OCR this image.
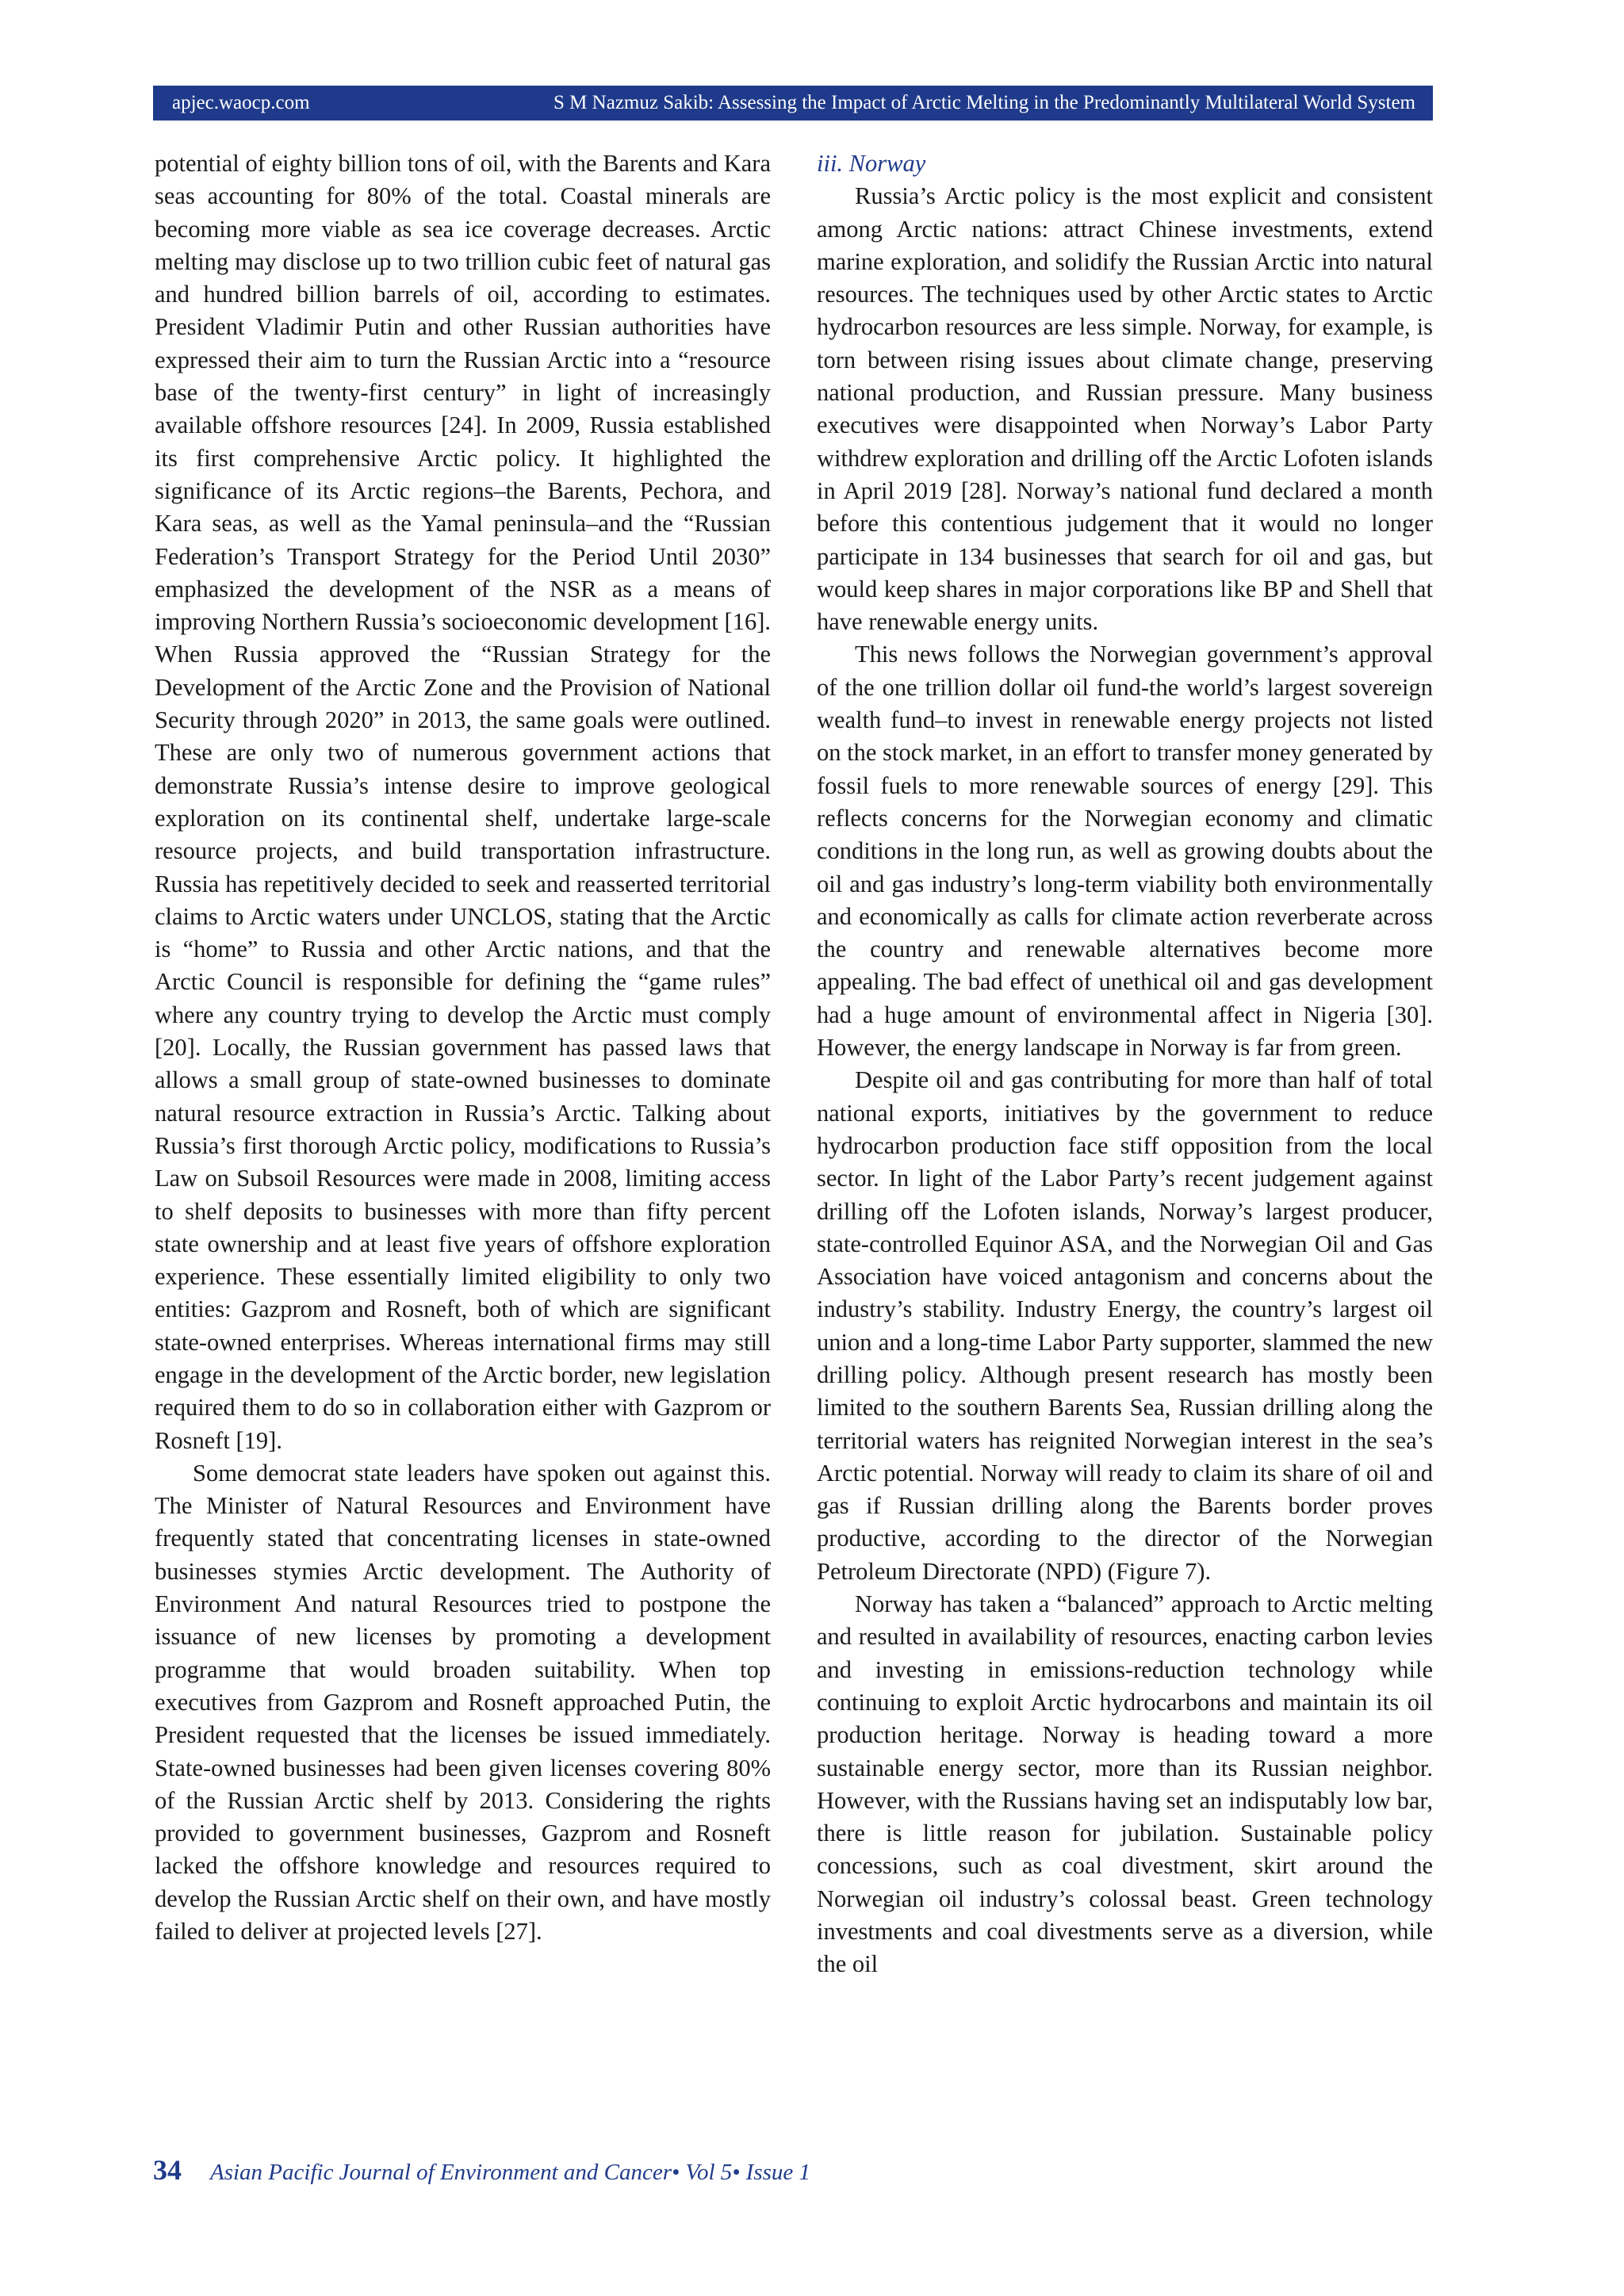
apjec.waocp.com	S M Nazmuz Sakib: Assessing the Impact of Arctic Melting in the Predominantly Multilateral World System

potential of eighty billion tons of oil, with the Barents and Kara seas accounting for 80% of the total. Coastal minerals are becoming more viable as sea ice coverage decreases. Arctic melting may disclose up to two trillion cubic feet of natural gas and hundred billion barrels of oil, according to estimates. President Vladimir Putin and other Russian authorities have expressed their aim to turn the Russian Arctic into a “resource base of the twenty-first century” in light of increasingly available offshore resources [24]. In 2009, Russia established its first comprehensive Arctic policy. It highlighted the significance of its Arctic regions–the Barents, Pechora, and Kara seas, as well as the Yamal peninsula–and the “Russian Federation’s Transport Strategy for the Period Until 2030” emphasized the development of the NSR as a means of improving Northern Russia’s socioeconomic development [16]. When Russia approved the “Russian Strategy for the Development of the Arctic Zone and the Provision of National Security through 2020” in 2013, the same goals were outlined. These are only two of numerous government actions that demonstrate Russia’s intense desire to improve geological exploration on its continental shelf, undertake large-scale resource projects, and build transportation infrastructure. Russia has repetitively decided to seek and reasserted territorial claims to Arctic waters under UNCLOS, stating that the Arctic is “home” to Russia and other Arctic nations, and that the Arctic Council is responsible for defining the “game rules” where any country trying to develop the Arctic must comply [20]. Locally, the Russian government has passed laws that allows a small group of state-owned businesses to dominate natural resource extraction in Russia’s Arctic. Talking about Russia’s first thorough Arctic policy, modifications to Russia’s Law on Subsoil Resources were made in 2008, limiting access to shelf deposits to businesses with more than fifty percent state ownership and at least five years of offshore exploration experience. These essentially limited eligibility to only two entities: Gazprom and Rosneft, both of which are significant state-owned enterprises. Whereas international firms may still engage in the development of the Arctic border, new legislation required them to do so in collaboration either with Gazprom or Rosneft [19].

Some democrat state leaders have spoken out against this. The Minister of Natural Resources and Environment have frequently stated that concentrating licenses in state-owned businesses stymies Arctic development. The Authority of Environment And natural Resources tried to postpone the issuance of new licenses by promoting a development programme that would broaden suitability. When top executives from Gazprom and Rosneft approached Putin, the President requested that the licenses be issued immediately. State-owned businesses had been given licenses covering 80% of the Russian Arctic shelf by 2013. Considering the rights provided to government businesses, Gazprom and Rosneft lacked the offshore knowledge and resources required to develop the Russian Arctic shelf on their own, and have mostly failed to deliver at projected levels [27].

iii. Norway

Russia’s Arctic policy is the most explicit and consistent among Arctic nations: attract Chinese investments, extend marine exploration, and solidify the Russian Arctic into natural resources. The techniques used by other Arctic states to Arctic hydrocarbon resources are less simple. Norway, for example, is torn between rising issues about climate change, preserving national production, and Russian pressure. Many business executives were disappointed when Norway’s Labor Party withdrew exploration and drilling off the Arctic Lofoten islands in April 2019 [28]. Norway’s national fund declared a month before this contentious judgement that it would no longer participate in 134 businesses that search for oil and gas, but would keep shares in major corporations like BP and Shell that have renewable energy units.

This news follows the Norwegian government’s approval of the one trillion dollar oil fund-the world’s largest sovereign wealth fund–to invest in renewable energy projects not listed on the stock market, in an effort to transfer money generated by fossil fuels to more renewable sources of energy [29]. This reflects concerns for the Norwegian economy and climatic conditions in the long run, as well as growing doubts about the oil and gas industry’s long-term viability both environmentally and economically as calls for climate action reverberate across the country and renewable alternatives become more appealing. The bad effect of unethical oil and gas development had a huge amount of environmental affect in Nigeria [30]. However, the energy landscape in Norway is far from green.

Despite oil and gas contributing for more than half of total national exports, initiatives by the government to reduce hydrocarbon production face stiff opposition from the local sector. In light of the Labor Party’s recent judgement against drilling off the Lofoten islands, Norway’s largest producer, state-controlled Equinor ASA, and the Norwegian Oil and Gas Association have voiced antagonism and concerns about the industry’s stability. Industry Energy, the country’s largest oil union and a long-time Labor Party supporter, slammed the new drilling policy. Although present research has mostly been limited to the southern Barents Sea, Russian drilling along the territorial waters has reignited Norwegian interest in the sea’s Arctic potential. Norway will ready to claim its share of oil and gas if Russian drilling along the Barents border proves productive, according to the director of the Norwegian Petroleum Directorate (NPD) (Figure 7).

Norway has taken a “balanced” approach to Arctic melting and resulted in availability of resources, enacting carbon levies and investing in emissions-reduction technology while continuing to exploit Arctic hydrocarbons and maintain its oil production heritage. Norway is heading toward a more sustainable energy sector, more than its Russian neighbor. However, with the Russians having set an indisputably low bar, there is little reason for jubilation. Sustainable policy concessions, such as coal divestment, skirt around the Norwegian oil industry’s colossal beast. Green technology investments and coal divestments serve as a diversion, while the oil

34 Asian Pacific Journal of Environment and Cancer• Vol 5• Issue 1
